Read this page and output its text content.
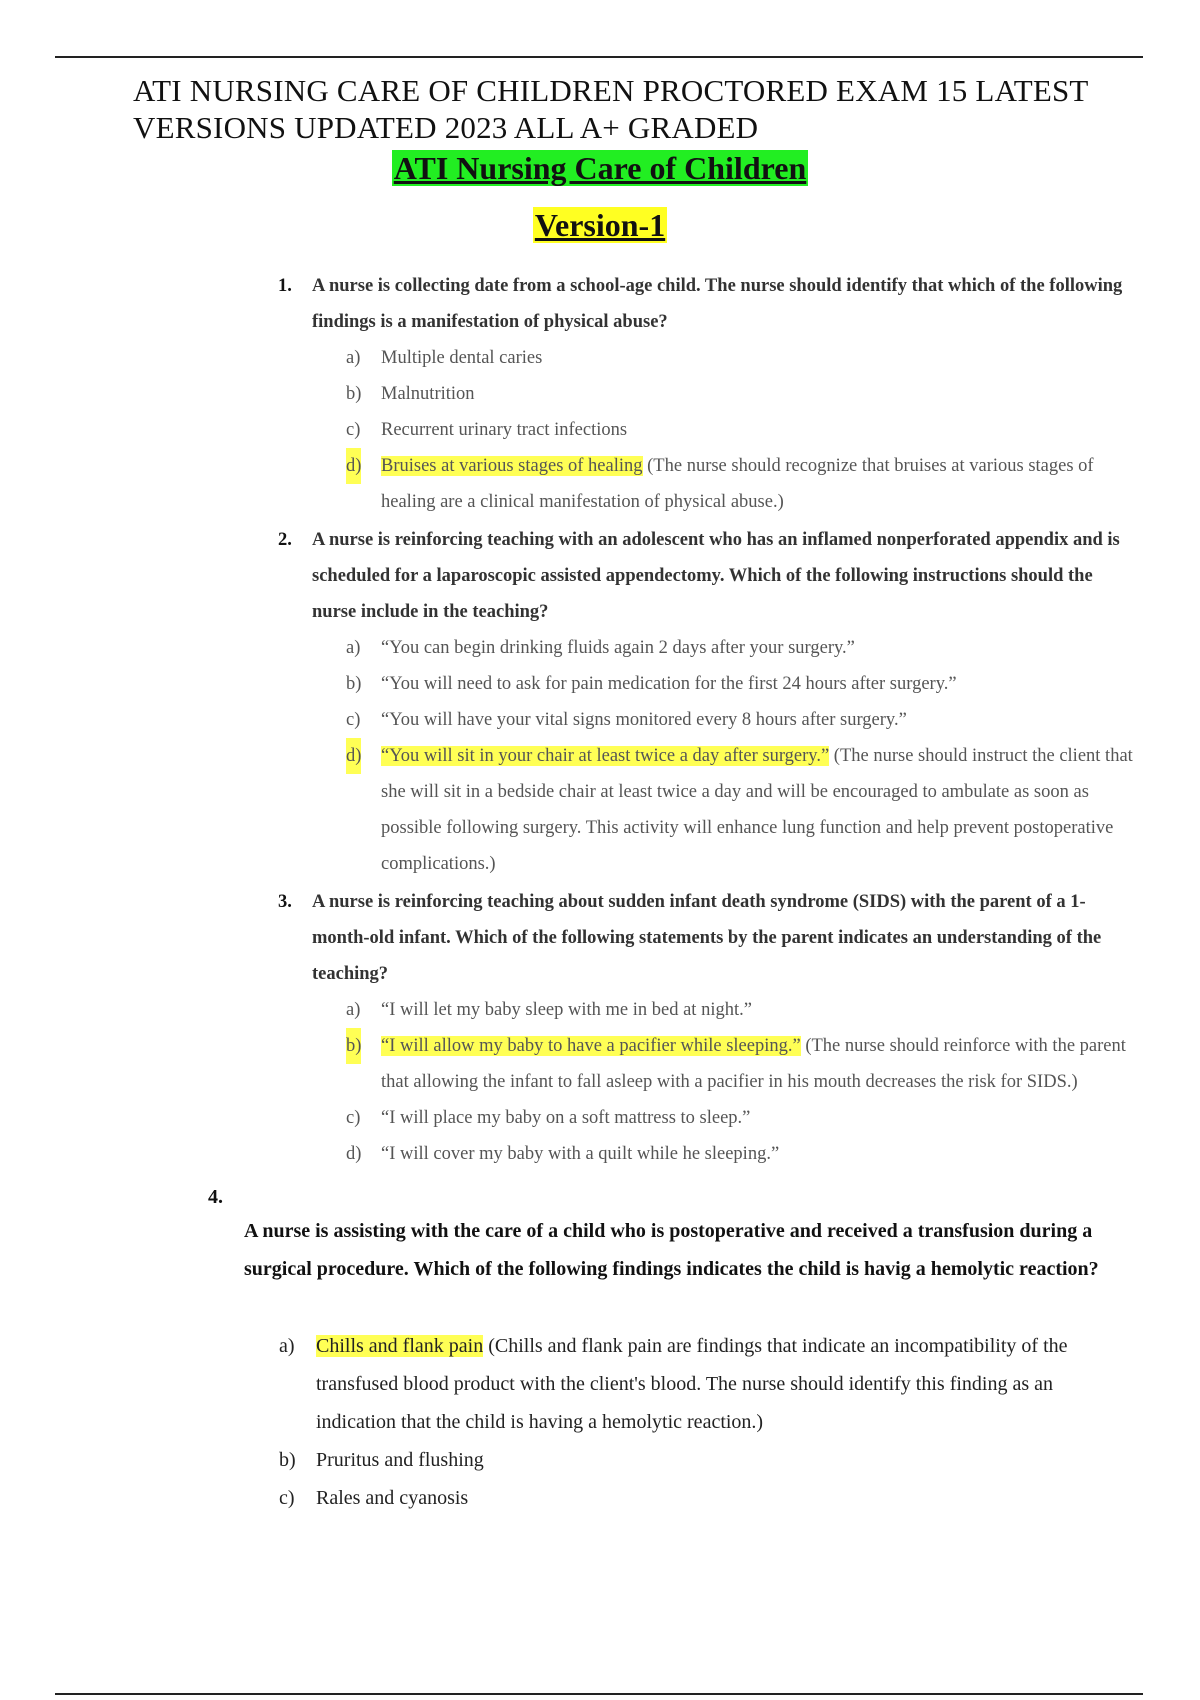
ATI NURSING CARE OF CHILDREN PROCTORED EXAM 15 LATEST VERSIONS UPDATED 2023 ALL A+ GRADED
ATI Nursing Care of Children
Version-1
1. A nurse is collecting date from a school-age child. The nurse should identify that which of the following findings is a manifestation of physical abuse?
a)	Multiple dental caries
b)	Malnutrition
c)	Recurrent urinary tract infections
d)	Bruises at various stages of healing (The nurse should recognize that bruises at various stages of healing are a clinical manifestation of physical abuse.)
2. A nurse is reinforcing teaching with an adolescent who has an inflamed nonperforated appendix and is scheduled for a laparoscopic assisted appendectomy. Which of the following instructions should the nurse include in the teaching?
a)	“You can begin drinking fluids again 2 days after your surgery.”
b)	“You will need to ask for pain medication for the first 24 hours after surgery.”
c)	“You will have your vital signs monitored every 8 hours after surgery.”
d)	“You will sit in your chair at least twice a day after surgery.” (The nurse should instruct the client that she will sit in a bedside chair at least twice a day and will be encouraged to ambulate as soon as possible following surgery. This activity will enhance lung function and help prevent postoperative complications.)
3. A nurse is reinforcing teaching about sudden infant death syndrome (SIDS) with the parent of a 1-month-old infant. Which of the following statements by the parent indicates an understanding of the teaching?
a)	“I will let my baby sleep with me in bed at night.”
b)	“I will allow my baby to have a pacifier while sleeping.” (The nurse should reinforce with the parent that allowing the infant to fall asleep with a pacifier in his mouth decreases the risk for SIDS.)
c)	“I will place my baby on a soft mattress to sleep.”
d)	“I will cover my baby with a quilt while he sleeping.”
4.
A nurse is assisting with the care of a child who is postoperative and received a transfusion during a surgical procedure. Which of the following findings indicates the child is havig a hemolytic reaction?
a)	Chills and flank pain (Chills and flank pain are findings that indicate an incompatibility of the transfused blood product with the client's blood. The nurse should identify this finding as an indication that the child is having a hemolytic reaction.)
b)	Pruritus and flushing
c)	Rales and cyanosis
